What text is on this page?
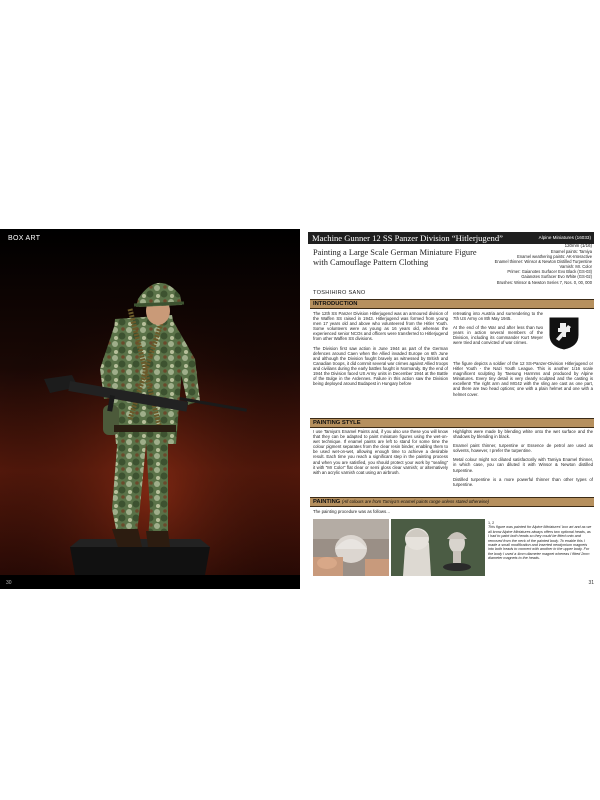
BOX ART
30
Machine Gunner 12 SS Panzer Division “Hitlerjugend”	Alpine Miniatures (16033)
120mm (1/16)
Painting a Large Scale German Miniature Figure
with Camouflage Pattern Clothing
Enamel paints: Tamiya
Enamel weathering paints: AK-Interactive
Enamel thinner: Winsor & Newton Distilled Turpentine
Varnish: Mr. Color
Primer: Gaianotes Surfacer Evo Black (GS-03)
Gaianotes Surfacer Evo White (GS-02)
Brushes: Winsor & Newton Series 7, Nos. 0, 00, 000
TOSHIHIRO SANO
INTRODUCTION

The 12th SS Panzer Division Hitlerjugend was an armoured division of the Waffen SS raised in 1943. Hitlerjugend was formed from young men 17 years old and above who volunteered from the Hitler Youth. Some volunteers were as young as 16 years old, whereas the experienced senior NCOs and officers were transferred to Hitlerjugend from other Waffen SS divisions.

The Division first saw action in June 1944 as part of the German defences around Caen when the Allied invaded Europe on 6th June and although the Division fought bravely as witnessed by British and Canadian troops, it did commit several war crimes against Allied troops and civilians during the early battles fought in Normandy. By the end of 1944 the Division faced US Army units in December 1944 at the Battle of the Bulge in the Ardennes. Failure in this action saw the Division being deployed around Budapest in Hungary before

retreating into Austria and surrendering to the 7th US Army on 8th May 1945.

At the end of the War and after less than two years in action several members of the Division, including its commander Kurt Meyer were tried and convicted of war crimes.

The figure depicts a soldier of the 12 SS-Panzer-Division Hitlerjugend or Hitler Youth - the Nazi Youth League. This is another 1/16 scale magnificent sculpting by Taesung Harmms and produced by Alpine Miniatures. Every tiny detail is very clearly sculpted and the casting is excellent! The right arm and MG42 with the sling are cast as one part, and there are two head options; one with a plain helmet and one with a helmet cover.

PAINTING STYLE

I use Tamiya's Enamel Paints and, if you also use these you will know that they can be adapted to paint miniature figures using the wet-on-wet technique. If enamel paints are left to stand for some time the colour pigment separates from the clear resin binder, enabling them to be used wet-on-wet, allowing enough time to achieve a desirable result. Each time you reach a significant step in the painting process and when you are satisfied, you should protect your work by “sealing” it with “Mr Color” flat clear or semi gloss clear varnish; or alternatively with an acrylic varnish coat using an airbrush.

Highlights were made by blending white onto the wet surface and the shadows by blending in black.

Enamel paint thinner, turpentine or Essence de petrol are used as solvents, however, I prefer the turpentine.

Metal colour might not diluted satisfactorily with Tamiya Enamel thinner, in which case, you can diluted it with Winsor & Newton distilled turpentine.

Distilled turpentine is a more powerful thinner than other types of turpentine.

PAINTING (All colours are from Tamiya's enamel paints range unless stated otherwise)
The painting procedure was as follows…
1, 2
This figure was painted for Alpine Miniatures' box art and as we all know Alpine Miniatures always offers two optional heads, as I had to paint both heads so they could be fitted onto and removed from the neck of the painted body. To enable this I made a small modification and inserted neodymium magnets into both heads to connect with another in the upper body. For the body I used a 4mm diameter magnet whereas I fitted 2mm diameter magnets to the heads.
31
